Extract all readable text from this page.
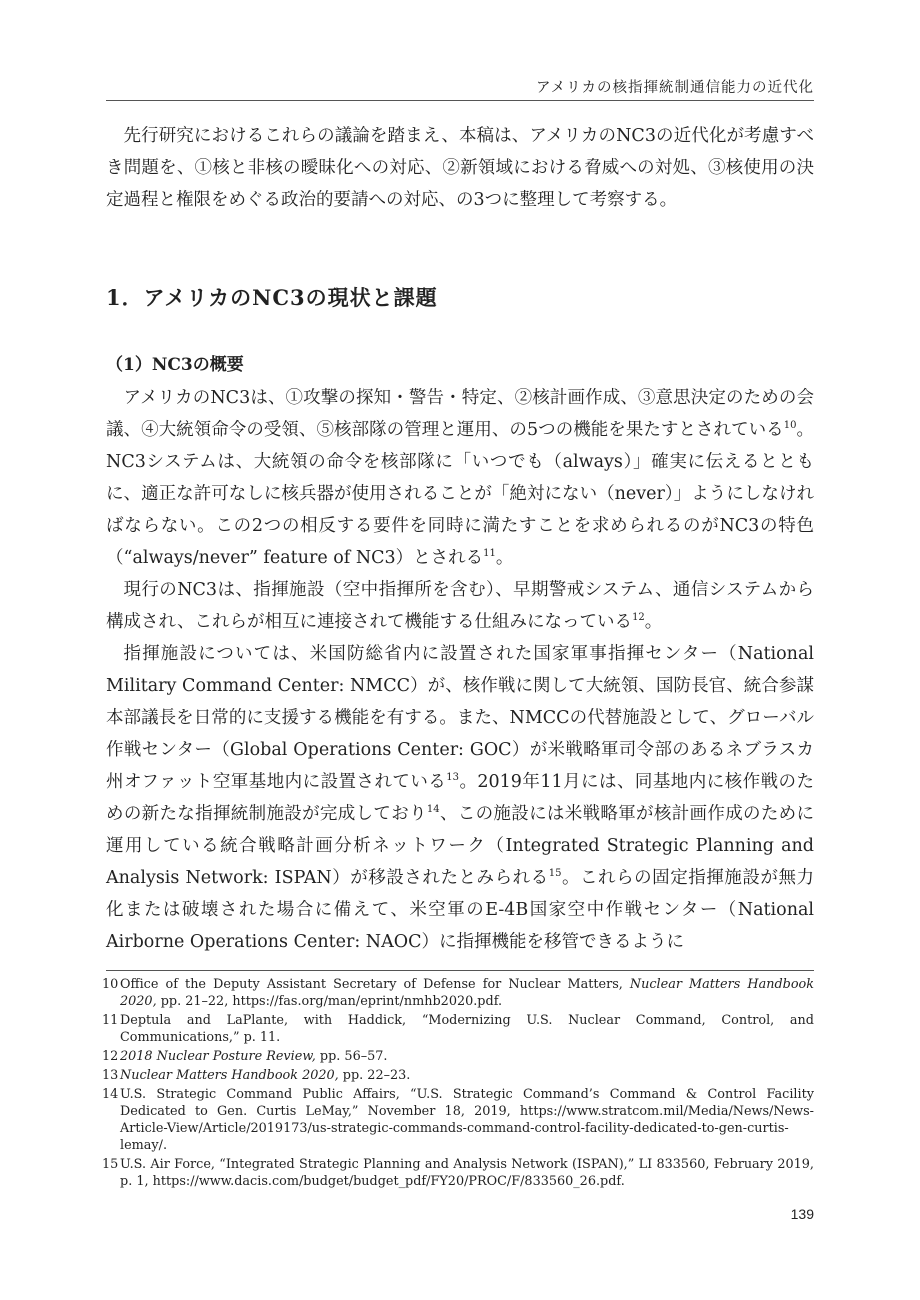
アメリカの核指揮統制通信能力の近代化

先行研究におけるこれらの議論を踏まえ、本稿は、アメリカのNC3の近代化が考慮すべき問題を、①核と非核の曖昧化への対応、②新領域における脅威への対処、③核使用の決定過程と権限をめぐる政治的要請への対応、の3つに整理して考察する。

1．アメリカのNC3の現状と課題
（1）NC3の概要

アメリカのNC3は、①攻撃の探知・警告・特定、②核計画作成、③意思決定のための会議、④大統領命令の受領、⑤核部隊の管理と運用、の5つの機能を果たすとされている$^{10}$。NC3システムは、大統領の命令を核部隊に「いつでも（always）」確実に伝えるとともに、適正な許可なしに核兵器が使用されることが「絶対にない（never）」ようにしなければならない。この2つの相反する要件を同時に満たすことを求められるのがNC3の特色（“always/never” feature of NC3）とされる$^{11}$。

現行のNC3は、指揮施設（空中指揮所を含む）、早期警戒システム、通信システムから構成され、これらが相互に連接されて機能する仕組みになっている$^{12}$。

指揮施設については、米国防総省内に設置された国家軍事指揮センター（National Military Command Center: NMCC）が、核作戦に関して大統領、国防長官、統合参謀本部議長を日常的に支援する機能を有する。また、NMCCの代替施設として、グローバル作戦センター（Global Operations Center: GOC）が米戦略軍司令部のあるネブラスカ州オファット空軍基地内に設置されている$^{13}$。2019年11月には、同基地内に核作戦のための新たな指揮統制施設が完成しており$^{14}$、この施設には米戦略軍が核計画作成のために運用している統合戦略計画分析ネットワーク（Integrated Strategic Planning and Analysis Network: ISPAN）が移設されたとみられる$^{15}$。これらの固定指揮施設が無力化または破壊された場合に備えて、米空軍のE-4B国家空中作戦センター（National Airborne Operations Center: NAOC）に指揮機能を移管できるように

10 Office of the Deputy Assistant Secretary of Defense for Nuclear Matters, Nuclear Matters Handbook 2020, pp. 21–22, https://fas.org/man/eprint/nmhb2020.pdf.

11 Deptula and LaPlante, with Haddick, “Modernizing U.S. Nuclear Command, Control, and Communications,” p. 11.

12 2018 Nuclear Posture Review, pp. 56–57.

13 Nuclear Matters Handbook 2020, pp. 22–23.

14 U.S. Strategic Command Public Affairs, “U.S. Strategic Command’s Command & Control Facility Dedicated to Gen. Curtis LeMay,” November 18, 2019, https://www.stratcom.mil/Media/News/News-Article-View/Article/2019173/us-strategic-commands-command-control-facility-dedicated-to-gen-curtis-lemay/.

15 U.S. Air Force, “Integrated Strategic Planning and Analysis Network (ISPAN),” LI 833560, February 2019, p. 1, https://www.dacis.com/budget/budget_pdf/FY20/PROC/F/833560_26.pdf.

139
